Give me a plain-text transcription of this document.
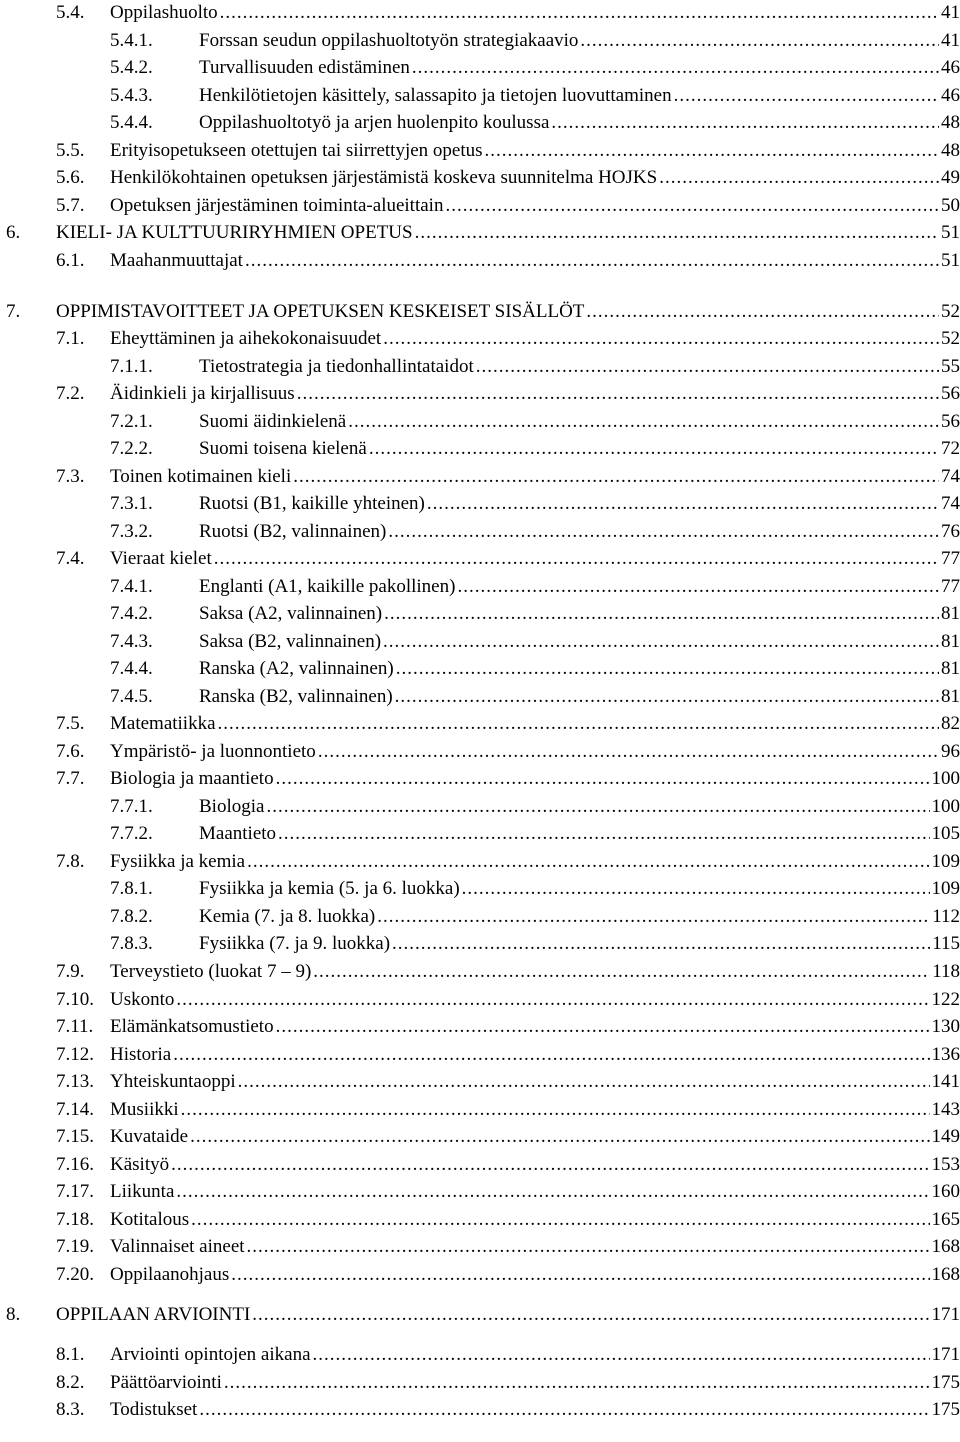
5.4.	Oppilashuolto .....	41
5.4.1.	Forssan seudun oppilashuoltotyön strategiakaavio .....	41
5.4.2.	Turvallisuuden edistäminen .....	46
5.4.3.	Henkilötietojen käsittely, salassapito ja tietojen luovuttaminen .....	46
5.4.4.	Oppilashuoltotyö ja arjen huolenpito koulussa .....	48
5.5.	Erityisopetukseen otettujen tai siirrettyjen opetus .....	48
5.6.	Henkilökohtainen opetuksen järjestämistä koskeva suunnitelma HOJKS .....	49
5.7.	Opetuksen järjestäminen toiminta-alueittain .....	50
6.	KIELI- JA KULTTUURIRYHMIEN OPETUS .....	51
6.1.	Maahanmuuttajat .....	51
7.	OPPIMISTAVOITTEET JA OPETUKSEN KESKEISET SISÄLLÖT .....	52
7.1.	Eheyttäminen ja aihekokonaisuudet .....	52
7.1.1.	Tietostrategia ja tiedonhallintataidot .....	55
7.2.	Äidinkieli ja kirjallisuus .....	56
7.2.1.	Suomi äidinkielenä .....	56
7.2.2.	Suomi toisena kielenä .....	72
7.3.	Toinen kotimainen kieli .....	74
7.3.1.	Ruotsi (B1, kaikille yhteinen) .....	74
7.3.2.	Ruotsi (B2, valinnainen) .....	76
7.4.	Vieraat kielet .....	77
7.4.1.	Englanti (A1, kaikille pakollinen) .....	77
7.4.2.	Saksa (A2, valinnainen) .....	81
7.4.3.	Saksa (B2, valinnainen) .....	81
7.4.4.	Ranska (A2, valinnainen) .....	81
7.4.5.	Ranska (B2, valinnainen) .....	81
7.5.	Matematiikka .....	82
7.6.	Ympäristö- ja luonnontieto .....	96
7.7.	Biologia ja maantieto .....	100
7.7.1.	Biologia .....	100
7.7.2.	Maantieto .....	105
7.8.	Fysiikka ja kemia .....	109
7.8.1.	Fysiikka ja kemia (5. ja 6. luokka) .....	109
7.8.2.	Kemia (7. ja 8. luokka) .....	112
7.8.3.	Fysiikka (7. ja 9. luokka) .....	115
7.9.	Terveystieto (luokat 7 – 9) .....	118
7.10. Uskonto .....	122
7.11. Elämänkatsomustieto .....	130
7.12. Historia .....	136
7.13. Yhteiskuntaoppi .....	141
7.14. Musiikki .....	143
7.15. Kuvataide .....	149
7.16. Käsityö .....	153
7.17. Liikunta .....	160
7.18. Kotitalous .....	165
7.19. Valinnaiset aineet .....	168
7.20. Oppilaanohjaus .....	168
8.	OPPILAAN ARVIOINTI .....	171
8.1.	Arviointi opintojen aikana .....	171
8.2.	Päättöarviointi .....	175
8.3.	Todistukset .....	175
